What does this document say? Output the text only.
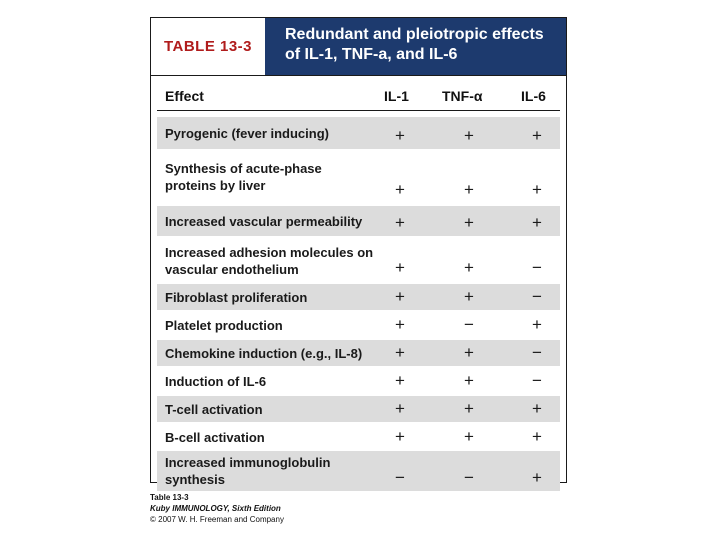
TABLE 13-3
Redundant and pleiotropic effects
of IL-1, TNF-a, and IL-6
Effect	IL-1 TNF-α	IL-6
Pyrogenic (fever inducing)	+	+	+
Synthesis of acute-phase proteins by liver	+	+	+
Increased vascular permeability	+	+	+
Increased adhesion molecules on vascular endothelium	+	+	−
Fibroblast proliferation	+	+	−
Platelet production	+	−	+
Chemokine induction (e.g., IL-8)	+	+	−
Induction of IL-6	+	+	−
T-cell activation	+	+	+
B-cell activation	+	+	+
Increased immunoglobulin synthesis	−	−	+
Table 13-3
Kuby IMMUNOLOGY, Sixth Edition
© 2007 W. H. Freeman and Company
